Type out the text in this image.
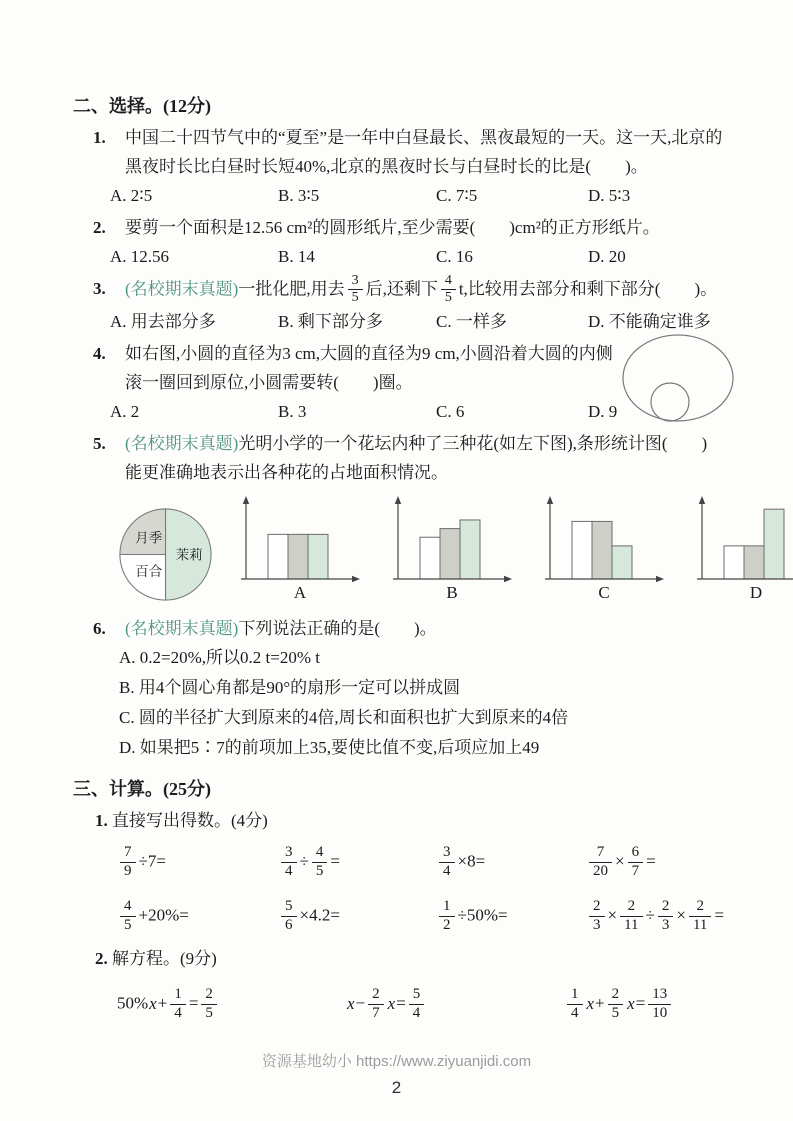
二、选择。(12分)
1. 中国二十四节气中的“夏至”是一年中白昼最长、黑夜最短的一天。这一天,北京的
黑夜时长比白昼时长短40%,北京的黑夜时长与白昼时长的比是(　　)。
A. 2∶5	B. 3∶5	C. 7∶5	D. 5∶3
2. 要剪一个面积是12.56 cm²的圆形纸片,至少需要(　　)cm²的正方形纸片。
A. 12.56	B. 14	C. 16	D. 20
3. (名校期末真题)一批化肥,用去 $\frac{3}{5}$ 后,还剩下 $\frac{4}{5} t$,比较用去部分和剩下部分(　　)。
A. 用去部分多	B. 剩下部分多	C. 一样多	D. 不能确定谁多
4. 如右图,小圆的直径为3 cm,大圆的直径为9 cm,小圆沿着大圆的内侧
滚一圈回到原位,小圆需要转(　　)圈。
A. 2	B. 3	C. 6	D. 9
5. (名校期末真题)光明小学的一个花坛内种了三种花(如左下图),条形统计图(　　)
能更准确地表示出各种花的占地面积情况。
茉莉
百合
月季
A	B	C	D
6. (名校期末真题)下列说法正确的是(　　)。
A. 0.2=20%,所以0.2 t=20% t
B. 用4个圆心角都是90°的扇形一定可以拼成圆
C. 圆的半径扩大到原来的4倍,周长和面积也扩大到原来的4倍
D. 如果把5∶7的前项加上35,要使比值不变,后项应加上49
三、计算。(25分)
1. 直接写出得数。(4分)
$\frac{7}{9} \div 7=$	$\frac{3}{4} \div \frac{4}{5}$ =	$\frac{3}{4} \times 8=$	$\frac{7}{20} \times \frac{6}{7}$ =
$\frac{4}{5} +20\%=$	$\frac{5}{6} \times 4.2=$	$\frac{1}{2} \div 50\%=$	$\frac{2}{3} \times \frac{2}{11} \div \frac{2}{3} \times \frac{2}{11}$ =
2. 解方程。(9分)
$50\%x+ \frac{1}{4} = \frac{2}{5}$	$x- \frac{2}{7} x= \frac{5}{4}$	$\frac{1}{4} x+ \frac{2}{5} x= \frac{13}{10}$
资源基地幼小 https://www.ziyuanjidi.com
2
